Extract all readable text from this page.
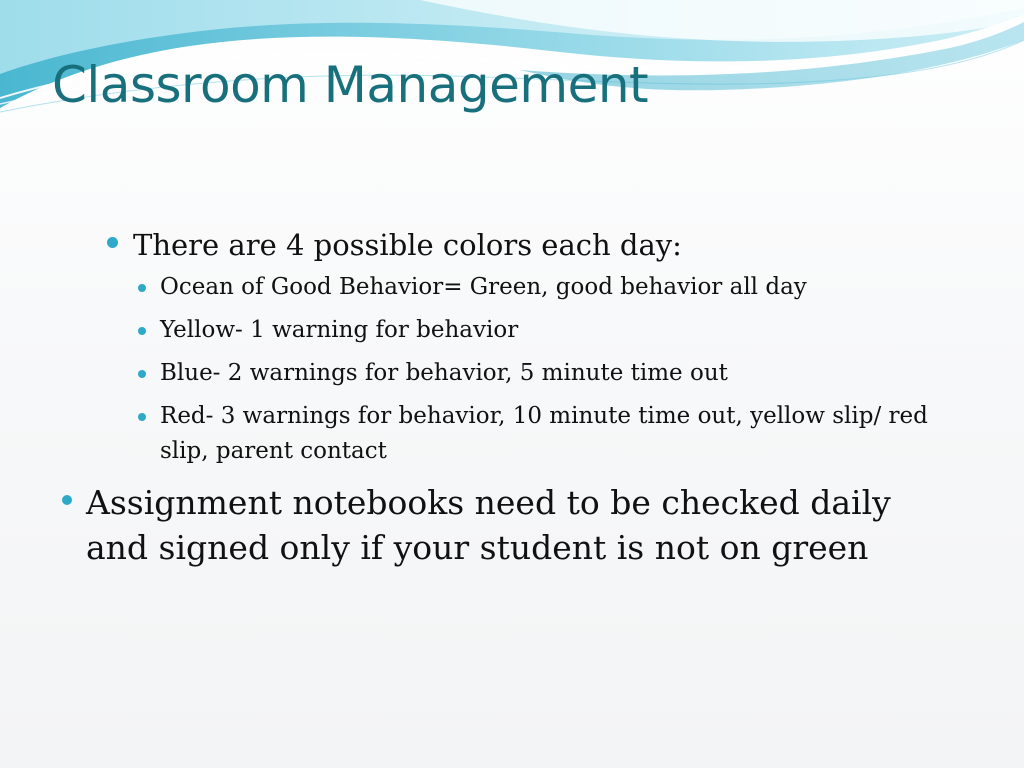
Classroom Management
There are 4 possible colors each day:
Ocean of Good Behavior= Green, good behavior all day
Yellow- 1 warning for behavior
Blue- 2 warnings for behavior, 5 minute time out
Red- 3 warnings for behavior, 10 minute time out, yellow slip/ red slip, parent contact
Assignment notebooks need to be checked daily and signed only if your student is not on green
